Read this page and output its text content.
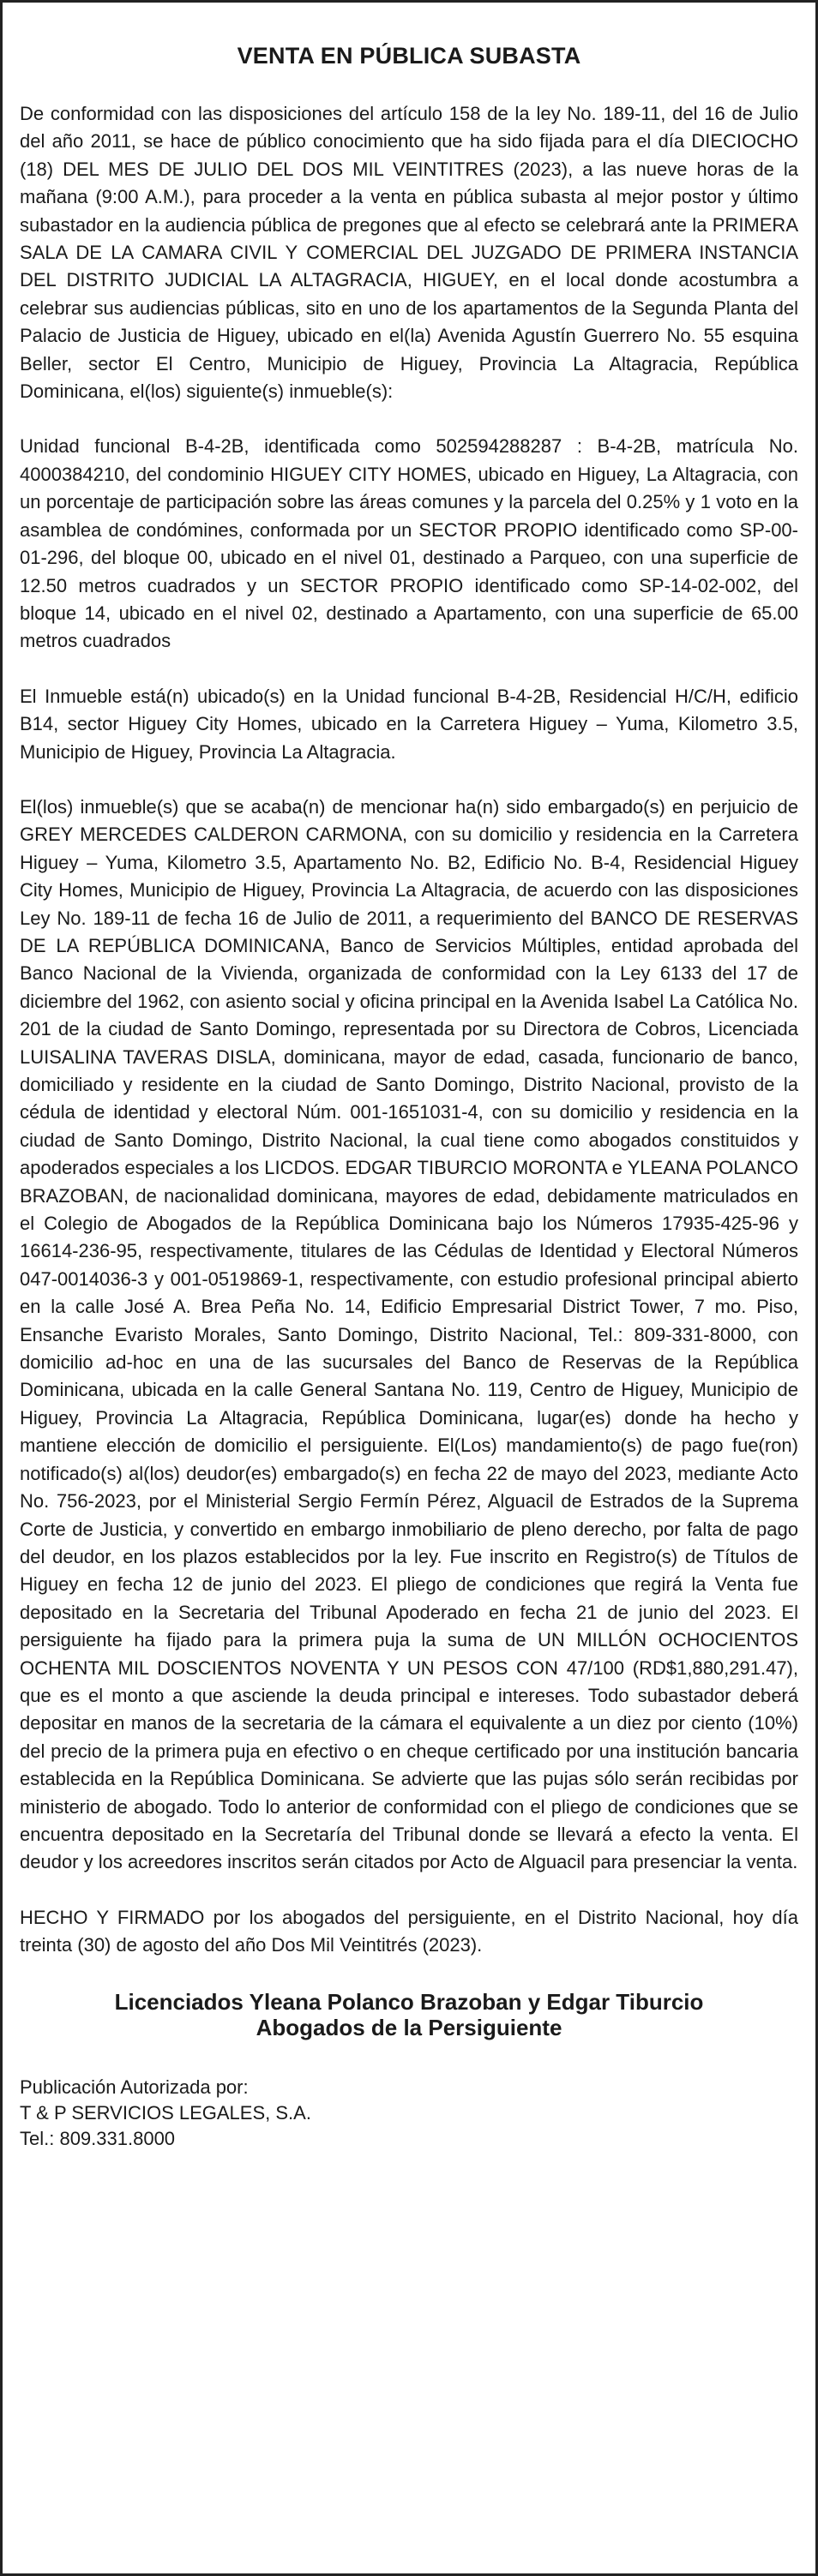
VENTA EN PÚBLICA SUBASTA

De conformidad con las disposiciones del artículo 158 de la ley No. 189-11, del 16 de Julio del año 2011, se hace de público conocimiento que ha sido fijada para el día DIECIOCHO (18) DEL MES DE JULIO DEL DOS MIL VEINTITRES (2023), a las nueve horas de la mañana (9:00 A.M.), para proceder a la venta en pública subasta al mejor postor y último subastador en la audiencia pública de pregones que al efecto se celebrará ante la PRIMERA SALA DE LA CAMARA CIVIL Y COMERCIAL DEL JUZGADO DE PRIMERA INSTANCIA DEL DISTRITO JUDICIAL LA ALTAGRACIA, HIGUEY, en el local donde acostumbra a celebrar sus audiencias públicas, sito en uno de los apartamentos de la Segunda Planta del Palacio de Justicia de Higuey, ubicado en el(la) Avenida Agustín Guerrero No. 55 esquina Beller, sector El Centro, Municipio de Higuey, Provincia La Altagracia, República Dominicana, el(los) siguiente(s) inmueble(s):

Unidad funcional B-4-2B, identificada como 502594288287 : B-4-2B, matrícula No. 4000384210, del condominio HIGUEY CITY HOMES, ubicado en Higuey, La Altagracia, con un porcentaje de participación sobre las áreas comunes y la parcela del 0.25% y 1 voto en la asamblea de condómines, conformada por un SECTOR PROPIO identificado como SP-00-01-296, del bloque 00, ubicado en el nivel 01, destinado a Parqueo, con una superficie de 12.50 metros cuadrados y un SECTOR PROPIO identificado como SP-14-02-002, del bloque 14, ubicado en el nivel 02, destinado a Apartamento, con una superficie de 65.00 metros cuadrados

El Inmueble está(n) ubicado(s) en la Unidad funcional B-4-2B, Residencial H/C/H, edificio B14, sector Higuey City Homes, ubicado en la Carretera Higuey – Yuma, Kilometro 3.5, Municipio de Higuey, Provincia La Altagracia.

El(los) inmueble(s) que se acaba(n) de mencionar ha(n) sido embargado(s) en perjuicio de GREY MERCEDES CALDERON CARMONA, con su domicilio y residencia en la Carretera Higuey – Yuma, Kilometro 3.5, Apartamento No. B2, Edificio No. B-4, Residencial Higuey City Homes, Municipio de Higuey, Provincia La Altagracia, de acuerdo con las disposiciones Ley No. 189-11 de fecha 16 de Julio de 2011, a requerimiento del BANCO DE RESERVAS DE LA REPÚBLICA DOMINICANA, Banco de Servicios Múltiples, entidad aprobada del Banco Nacional de la Vivienda, organizada de conformidad con la Ley 6133 del 17 de diciembre del 1962, con asiento social y oficina principal en la Avenida Isabel La Católica No. 201 de la ciudad de Santo Domingo, representada por su Directora de Cobros, Licenciada LUISALINA TAVERAS DISLA, dominicana, mayor de edad, casada, funcionario de banco, domiciliado y residente en la ciudad de Santo Domingo, Distrito Nacional, provisto de la cédula de identidad y electoral Núm. 001-1651031-4, con su domicilio y residencia en la ciudad de Santo Domingo, Distrito Nacional, la cual tiene como abogados constituidos y apoderados especiales a los LICDOS. EDGAR TIBURCIO MORONTA e YLEANA POLANCO BRAZOBAN, de nacionalidad dominicana, mayores de edad, debidamente matriculados en el Colegio de Abogados de la República Dominicana bajo los Números 17935-425-96 y 16614-236-95, respectivamente, titulares de las Cédulas de Identidad y Electoral Números 047-0014036-3 y 001-0519869-1, respectivamente, con estudio profesional principal abierto en la calle José A. Brea Peña No. 14, Edificio Empresarial District Tower, 7 mo. Piso, Ensanche Evaristo Morales, Santo Domingo, Distrito Nacional, Tel.: 809-331-8000, con domicilio ad-hoc en una de las sucursales del Banco de Reservas de la República Dominicana, ubicada en la calle General Santana No. 119, Centro de Higuey, Municipio de Higuey, Provincia La Altagracia, República Dominicana, lugar(es) donde ha hecho y mantiene elección de domicilio el persiguiente. El(Los) mandamiento(s) de pago fue(ron) notificado(s) al(los) deudor(es) embargado(s) en fecha 22 de mayo del 2023, mediante Acto No. 756-2023, por el Ministerial Sergio Fermín Pérez, Alguacil de Estrados de la Suprema Corte de Justicia, y convertido en embargo inmobiliario de pleno derecho, por falta de pago del deudor, en los plazos establecidos por la ley. Fue inscrito en Registro(s) de Títulos de Higuey en fecha 12 de junio del 2023. El pliego de condiciones que regirá la Venta fue depositado en la Secretaria del Tribunal Apoderado en fecha 21 de junio del 2023. El persiguiente ha fijado para la primera puja la suma de UN MILLÓN OCHOCIENTOS OCHENTA MIL DOSCIENTOS NOVENTA Y UN PESOS CON 47/100 (RD$1,880,291.47), que es el monto a que asciende la deuda principal e intereses. Todo subastador deberá depositar en manos de la secretaria de la cámara el equivalente a un diez por ciento (10%) del precio de la primera puja en efectivo o en cheque certificado por una institución bancaria establecida en la República Dominicana. Se advierte que las pujas sólo serán recibidas por ministerio de abogado. Todo lo anterior de conformidad con el pliego de condiciones que se encuentra depositado en la Secretaría del Tribunal donde se llevará a efecto la venta. El deudor y los acreedores inscritos serán citados por Acto de Alguacil para presenciar la venta.

HECHO Y FIRMADO por los abogados del persiguiente, en el Distrito Nacional, hoy día treinta (30) de agosto del año Dos Mil Veintitrés (2023).

Licenciados Yleana Polanco Brazoban y Edgar Tiburcio
Abogados de la Persiguiente
Publicación Autorizada por:
T & P SERVICIOS LEGALES, S.A.
Tel.: 809.331.8000
